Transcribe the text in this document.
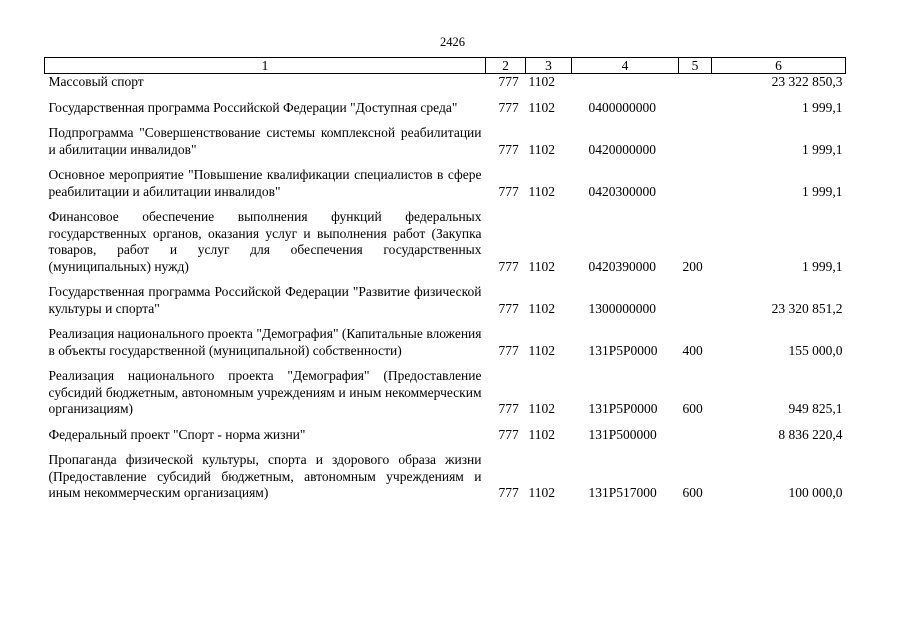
2426
1	2	3	4	5	6
Массовый спорт	777	1102			23 322 850,3
Государственная программа Российской Федерации "Доступная среда"	777	1102	0400000000		1 999,1
Подпрограмма "Совершенствование системы комплексной реабилитации и абилитации инвалидов"	777	1102	0420000000		1 999,1
Основное мероприятие "Повышение квалификации специалистов в сфере реабилитации и абилитации инвалидов"	777	1102	0420300000		1 999,1
Финансовое обеспечение выполнения функций федеральных государственных органов, оказания услуг и выполнения работ (Закупка товаров, работ и услуг для обеспечения государственных (муниципальных) нужд)	777	1102	0420390000	200	1 999,1
Государственная программа Российской Федерации "Развитие физической культуры и спорта"	777	1102	1300000000		23 320 851,2
Реализация национального проекта "Демография" (Капитальные вложения в объекты государственной (муниципальной) собственности)	777	1102	131P5P0000	400	155 000,0
Реализация национального проекта "Демография" (Предоставление субсидий бюджетным, автономным учреждениям и иным некоммерческим организациям)	777	1102	131P5P0000	600	949 825,1
Федеральный проект "Спорт - норма жизни"	777	1102	131P500000		8 836 220,4
Пропаганда физической культуры, спорта и здорового образа жизни (Предоставление субсидий бюджетным, автономным учреждениям и иным некоммерческим организациям)	777	1102	131P517000	600	100 000,0
